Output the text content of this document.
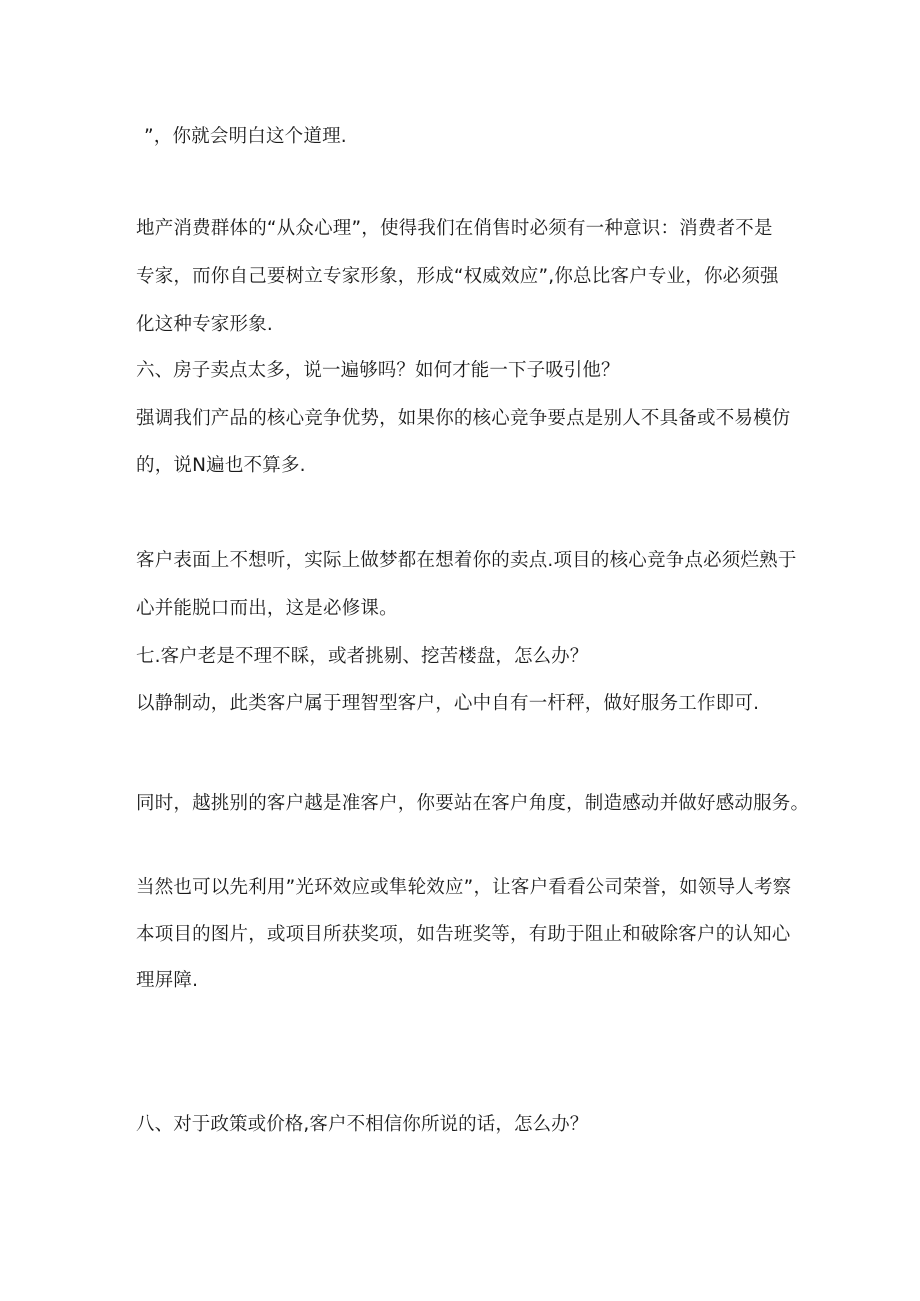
”，你就会明白这个道理.
地产消费群体的“从众心理”，使得我们在俏售时必须有一种意识：消费者不是
专家，而你自己要树立专家形象，形成“权威效应”,你总比客户专业，你必须强
化这种专家形象.
六、房子卖点太多，说一遍够吗？如何才能一下子吸引他？
强调我们产品的核心竞争优势，如果你的核心竞争要点是别人不具备或不易模仿
的，说N遍也不算多.
客户表面上不想听，实际上做梦都在想着你的卖点.项目的核心竞争点必须烂熟于
心并能脱口而出，这是必修课。
七.客户老是不理不睬，或者挑剔、挖苦楼盘，怎么办？
以静制动，此类客户属于理智型客户，心中自有一杆秤，做好服务工作即可.
同时，越挑别的客户越是准客户，你要站在客户角度，制造感动并做好感动服务。
当然也可以先利用”光环效应或隼轮效应”，让客户看看公司荣誉，如领导人考察
本项目的图片，或项目所获奖项，如告班奖等，有助于阻止和破除客户的认知心
理屏障.
八、对于政策或价格,客户不相信你所说的话，怎么办？
